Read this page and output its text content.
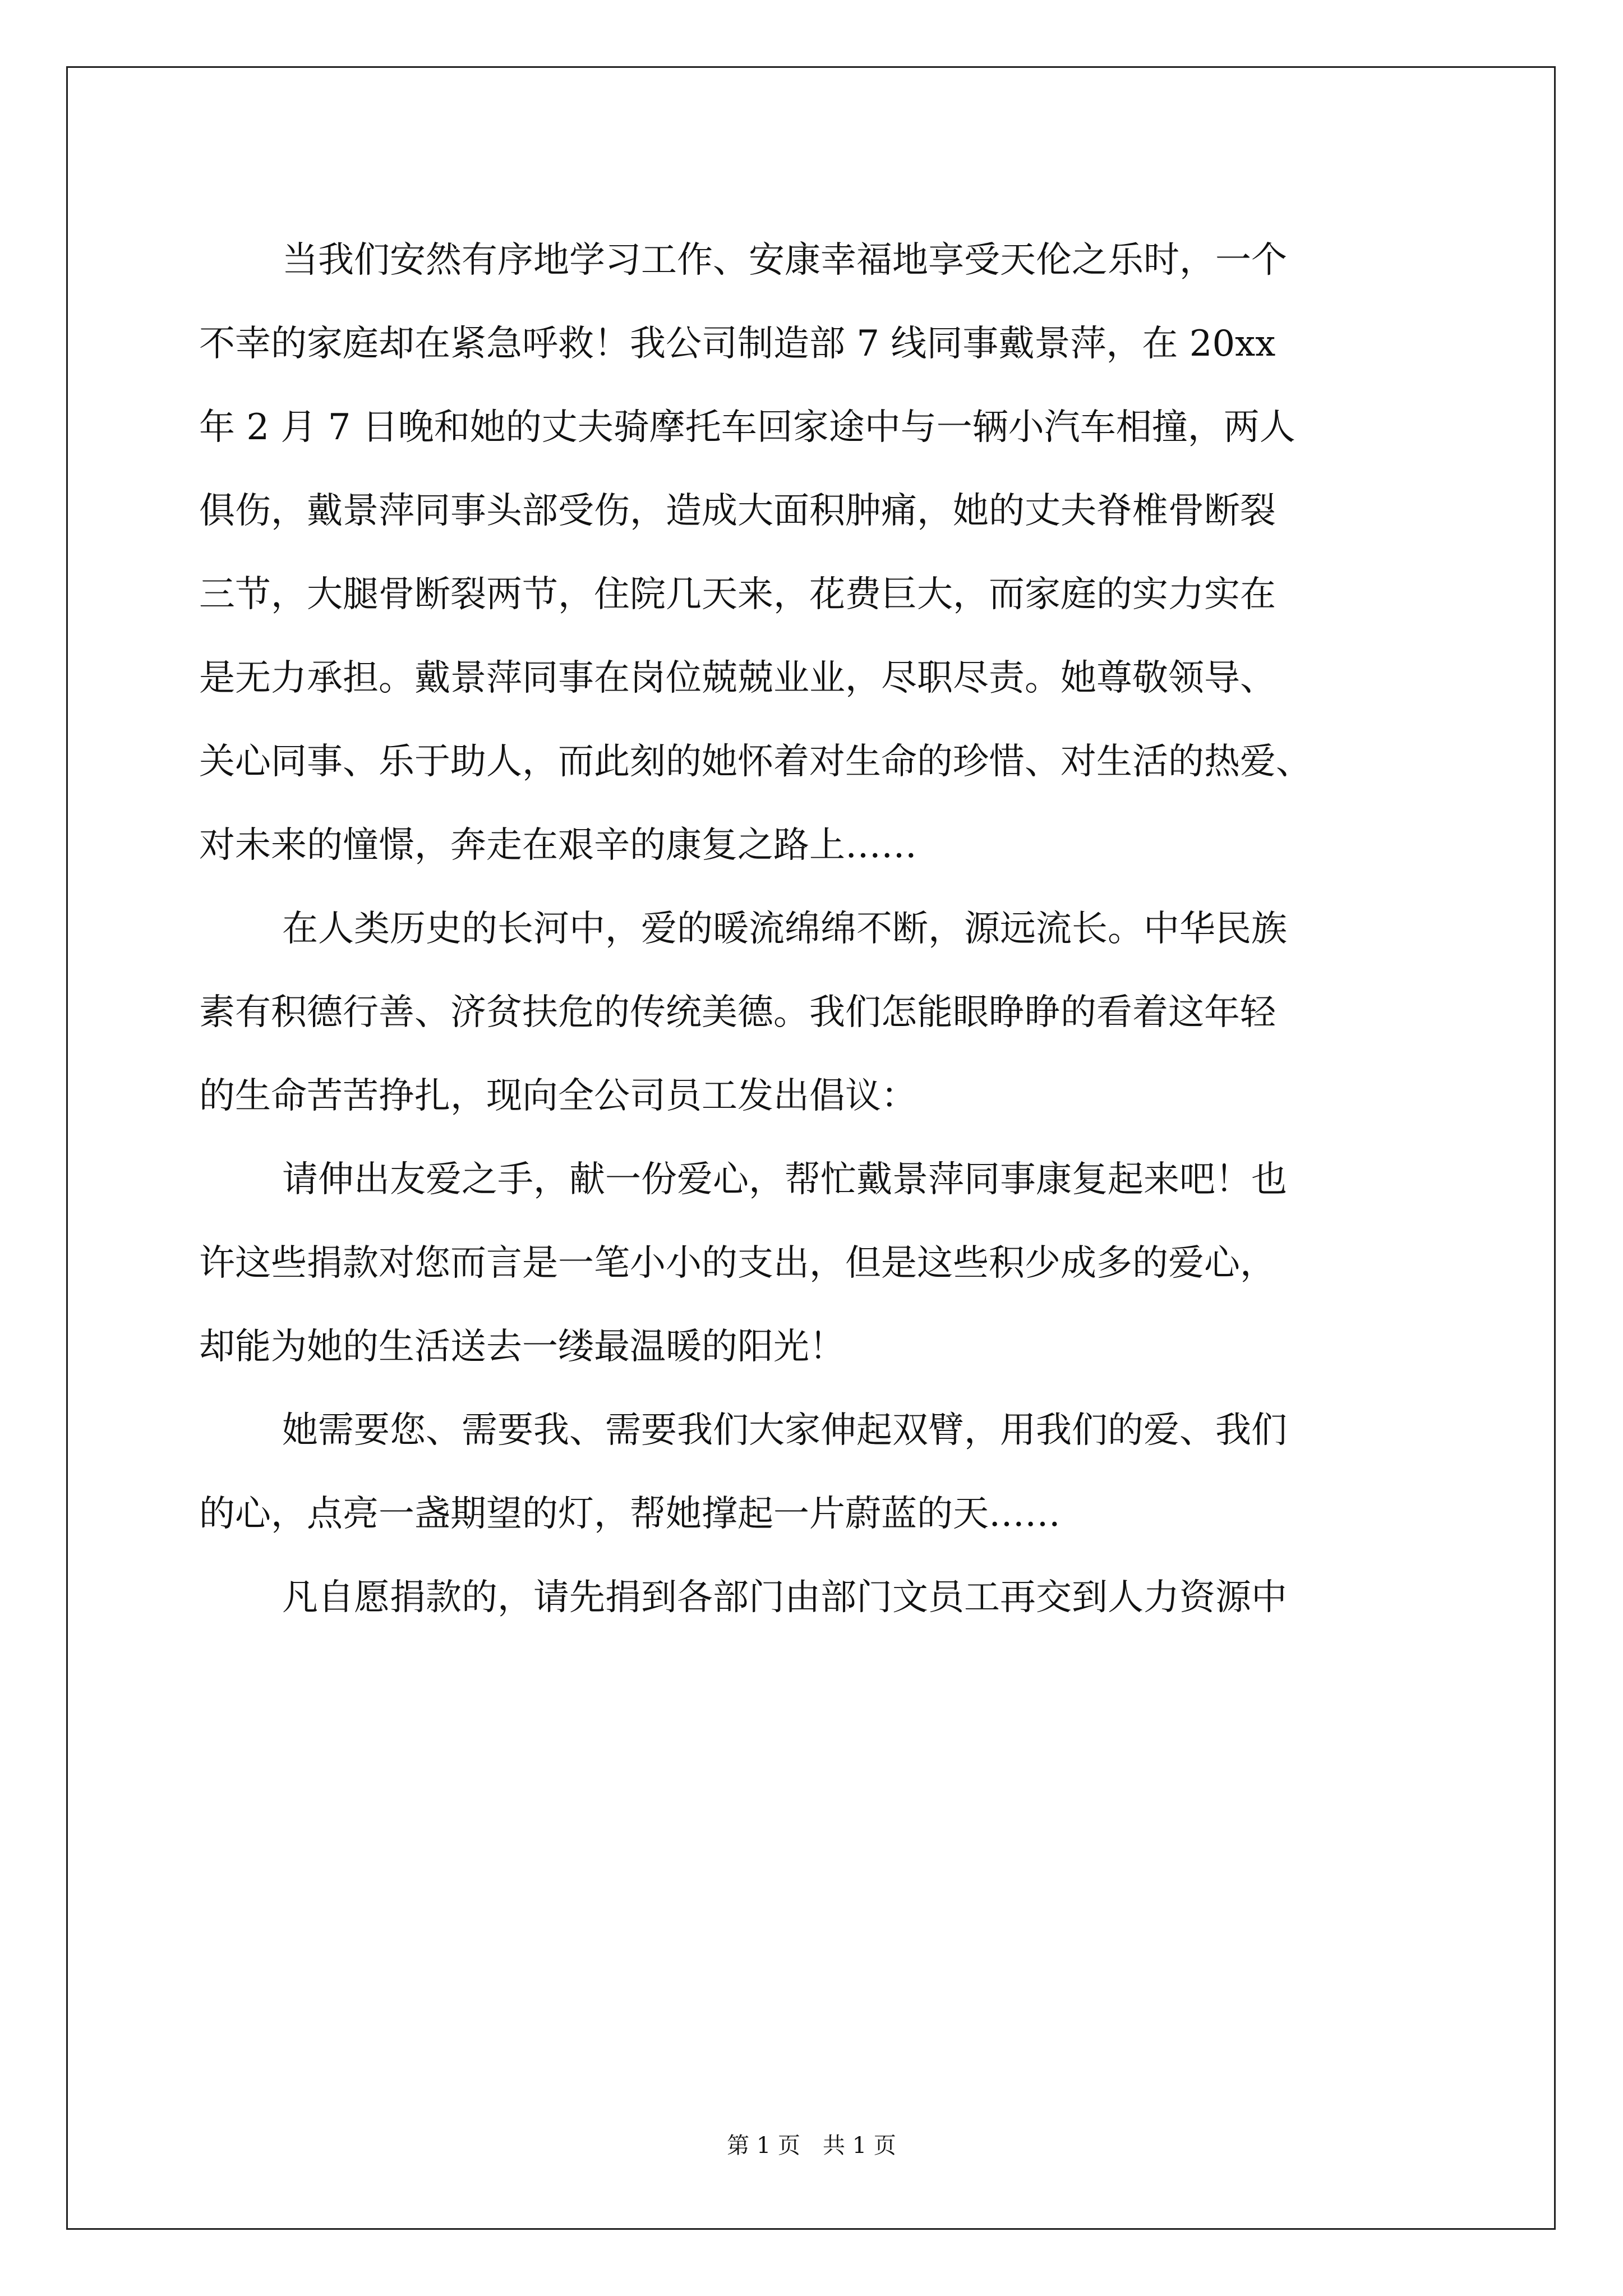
当我们安然有序地学习工作、安康幸福地享受天伦之乐时，一个
不幸的家庭却在紧急呼救！我公司制造部 7 线同事戴景萍，在 20xx
年 2 月 7 日晚和她的丈夫骑摩托车回家途中与一辆小汽车相撞，两人
俱伤，戴景萍同事头部受伤，造成大面积肿痛，她的丈夫脊椎骨断裂
三节，大腿骨断裂两节，住院几天来，花费巨大，而家庭的实力实在
是无力承担。戴景萍同事在岗位兢兢业业，尽职尽责。她尊敬领导、
关心同事、乐于助人，而此刻的她怀着对生命的珍惜、对生活的热爱、
对未来的憧憬，奔走在艰辛的康复之路上……
在人类历史的长河中，爱的暖流绵绵不断，源远流长。中华民族
素有积德行善、济贫扶危的传统美德。我们怎能眼睁睁的看着这年轻
的生命苦苦挣扎，现向全公司员工发出倡议：
请伸出友爱之手，献一份爱心，帮忙戴景萍同事康复起来吧！也
许这些捐款对您而言是一笔小小的支出，但是这些积少成多的爱心，
却能为她的生活送去一缕最温暖的阳光！
她需要您、需要我、需要我们大家伸起双臂，用我们的爱、我们
的心，点亮一盏期望的灯，帮她撑起一片蔚蓝的天……
凡自愿捐款的，请先捐到各部门由部门文员工再交到人力资源中
第 1 页　共 1 页
